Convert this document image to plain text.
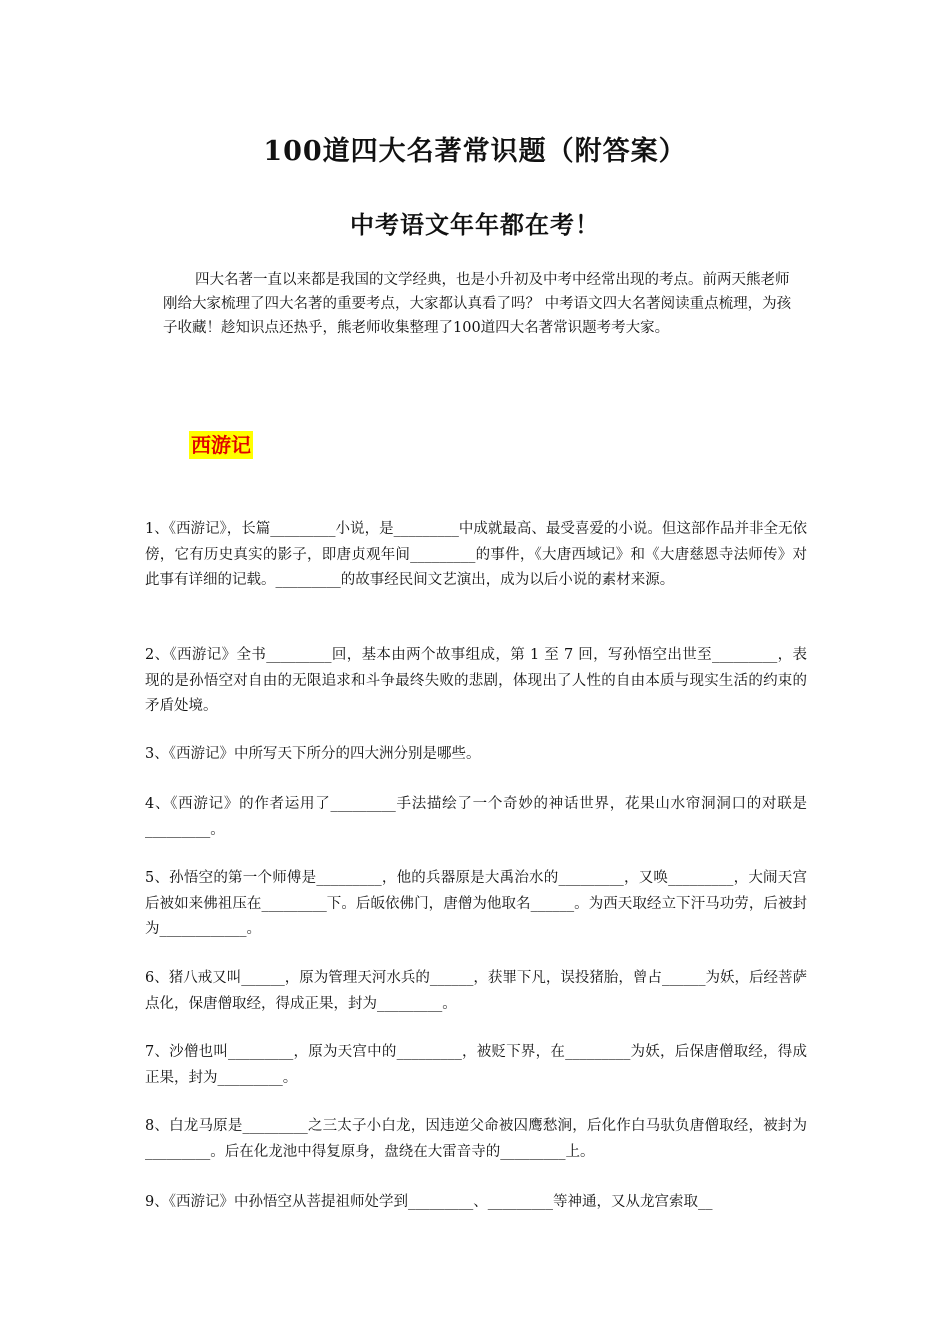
100道四大名著常识题（附答案）
中考语文年年都在考！

四大名著一直以来都是我国的文学经典，也是小升初及中考中经常出现的考点。前两天熊老师刚给大家梳理了四大名著的重要考点，大家都认真看了吗？ 中考语文四大名著阅读重点梳理，为孩子收藏！趁知识点还热乎，熊老师收集整理了100道四大名著常识题考考大家。

西游记

1、《西游记》，长篇_________小说，是_________中成就最高、最受喜爱的小说。但这部作品并非全无依傍，它有历史真实的影子，即唐贞观年间_________的事件，《大唐西域记》和《大唐慈恩寺法师传》对此事有详细的记载。_________的故事经民间文艺演出，成为以后小说的素材来源。

2、《西游记》全书_________回，基本由两个故事组成，第 1 至 7 回，写孙悟空出世至_________，表现的是孙悟空对自由的无限追求和斗争最终失败的悲剧，体现出了人性的自由本质与现实生活的约束的矛盾处境。

3、《西游记》中所写天下所分的四大洲分别是哪些。

4、《西游记》的作者运用了_________手法描绘了一个奇妙的神话世界，花果山水帘洞洞口的对联是_________。

5、孙悟空的第一个师傅是_________，他的兵器原是大禹治水的_________，又唤_________，大闹天宫后被如来佛祖压在_________下。后皈依佛门，唐僧为他取名______。为西天取经立下汗马功劳，后被封为____________。

6、猪八戒又叫______，原为管理天河水兵的______，获罪下凡，误投猪胎，曾占______为妖，后经菩萨点化，保唐僧取经，得成正果，封为_________。

7、沙僧也叫_________，原为天宫中的_________，被贬下界，在_________为妖，后保唐僧取经，得成正果，封为_________。

8、白龙马原是_________之三太子小白龙，因违逆父命被囚鹰愁涧，后化作白马驮负唐僧取经，被封为_________。后在化龙池中得复原身，盘绕在大雷音寺的_________上。

9、《西游记》中孙悟空从菩提祖师处学到_________、_________等神通，又从龙宫索取__
